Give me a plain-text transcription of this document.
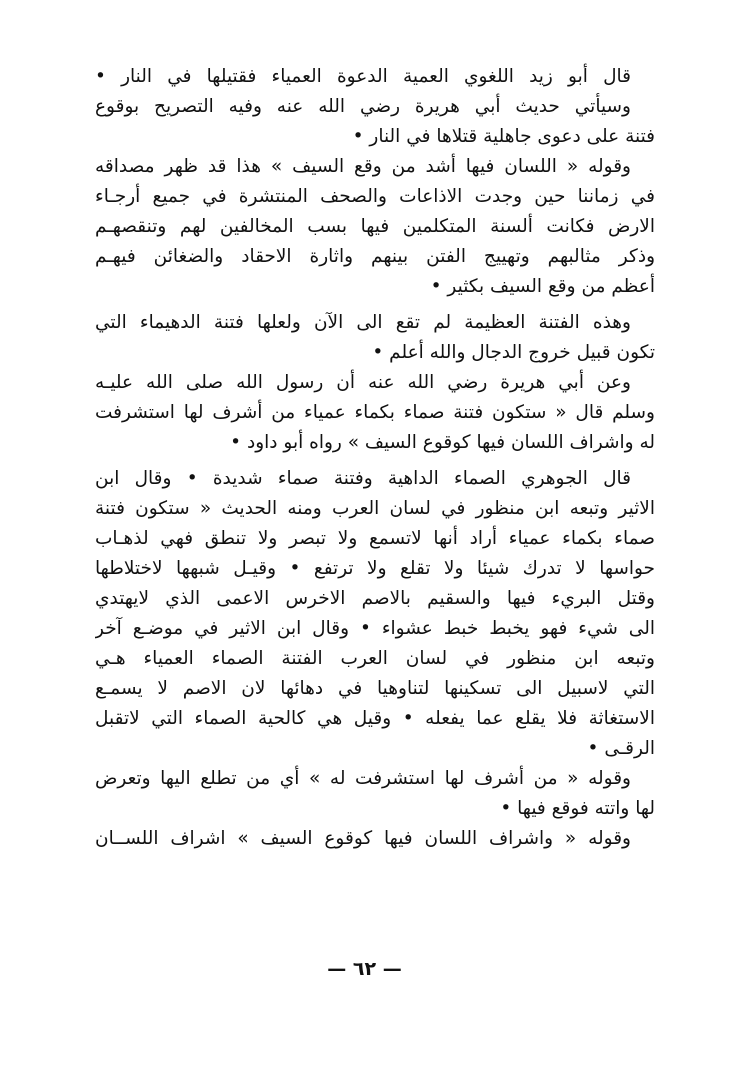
قال أبو زيد اللغوي العمية الدعوة العمياء فقتيلها في النار •
وسيأتي حديث أبي هريرة رضي الله عنه وفيه التصريح بوقوع
فتنة على دعوى جاهلية قتلاها في النار •
وقوله « اللسان فيها أشد من وقع السيف » هذا قد ظهر مصداقه
في زماننا حين وجدت الاذاعات والصحف المنتشرة في جميع أرجـاء
الارض فكانت ألسنة المتكلمين فيها بسب المخالفين لهم وتنقصهـم
وذكر مثالبهم وتهييج الفتن بينهم واثارة الاحقاد والضغائن فيهـم
أعظم من وقع السيف بكثير •
وهذه الفتنة العظيمة لم تقع الى الآن ولعلها فتنة الدهيماء التي
تكون قبيل خروج الدجال والله أعلم •
وعن أبي هريرة رضي الله عنه أن رسول الله صلى الله عليـه
وسلم قال « ستكون فتنة صماء بكماء عمياء من أشرف لها استشرفت
له واشراف اللسان فيها كوقوع السيف » رواه أبو داود •
قال الجوهري الصماء الداهية وفتنة صماء شديدة • وقال ابن
الاثير وتبعه ابن منظور في لسان العرب ومنه الحديث « ستكون فتنة
صماء بكماء عمياء أراد أنها لاتسمع ولا تبصر ولا تنطق فهي لذهـاب
حواسها لا تدرك شيئا ولا تقلع ولا ترتفع • وقيـل شبهها لاختلاطها
وقتل البريء فيها والسقيم بالاصم الاخرس الاعمى الذي لايهتدي
الى شيء فهو يخبط خبط عشواء • وقال ابن الاثير في موضـع آخر
وتبعه ابن منظور في لسان العرب الفتنة الصماء العمياء هـي
التي لاسبيل الى تسكينها لتناوهيا في دهائها لان الاصم لا يسمـع
الاستغاثة فلا يقلع عما يفعله • وقيل هي كالحية الصماء التي لاتقبل
الرقـى •
وقوله « من أشرف لها استشرفت له » أي من تطلع اليها وتعرض
لها واتته فوقع فيها •
وقوله « واشراف اللسان فيها كوقوع السيف » اشراف اللســان
— ٦٢ —
